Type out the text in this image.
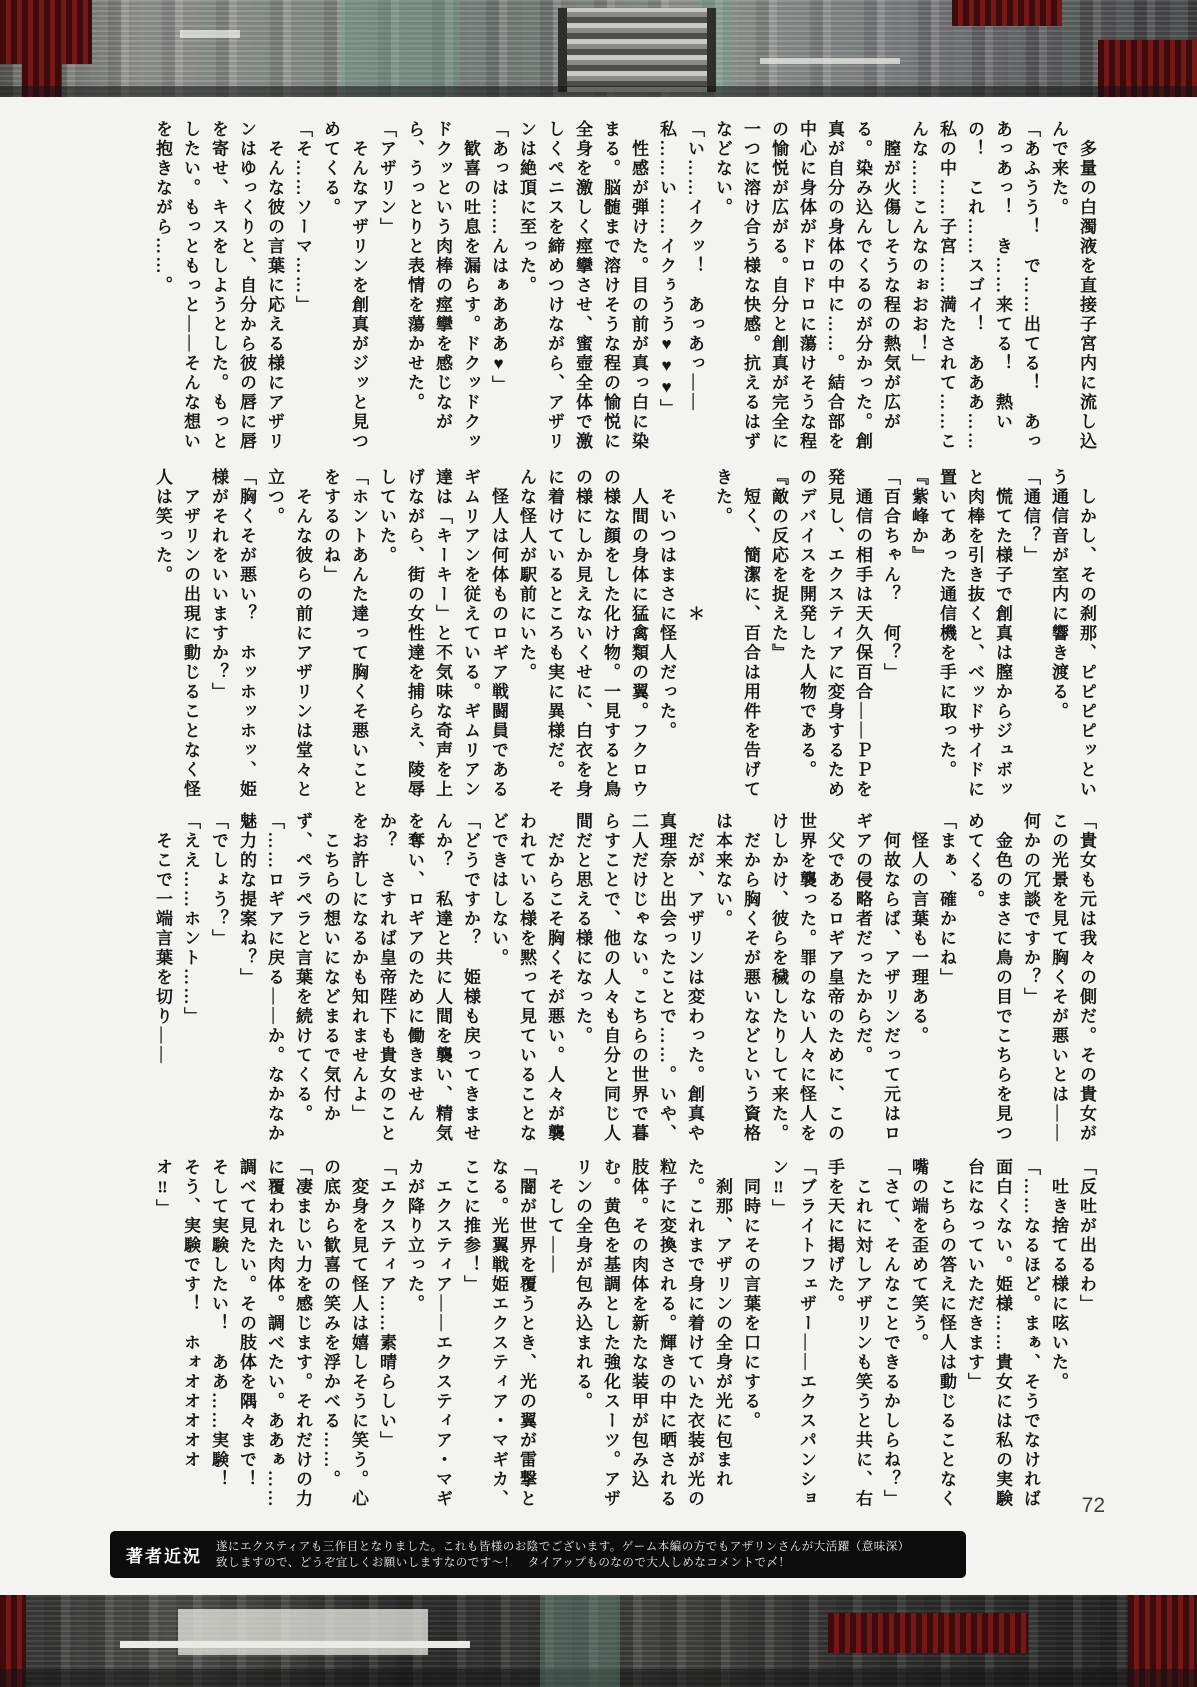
　多量の白濁液を直接子宮内に流し込んで来た。

「あふうう！　で……出てる！　あっあっあっ！　き……来てる！　熱いの！　これ……スゴイ！　あああ……私の中……子宮……満たされて……こんな……こんなのぉおお！」

　膣が火傷しそうな程の熱気が広がる。染み込んでくるのが分かった。創真が自分の身体の中に……。結合部を中心に身体がドロドロに蕩けそうな程の愉悦が広がる。自分と創真が完全に一つに溶け合う様な快感。抗えるはずなどない。

「い……イクッ！　あっあっ――私……い……イクぅうう♥♥♥」

　性感が弾けた。目の前が真っ白に染まる。脳髄まで溶けそうな程の愉悦に全身を激しく痙攣させ、蜜壺全体で激しくペニスを締めつけながら、アザリンは絶頂に至った。

「あっは……んはぁあああ♥」

　歓喜の吐息を漏らす。ドクッドクッドクッという肉棒の痙攣を感じながら、うっとりと表情を蕩かせた。

「アザリン」

　そんなアザリンを創真がジッと見つめてくる。

「そ……ソーマ……」

　そんな彼の言葉に応える様にアザリンはゆっくりと、自分から彼の唇に唇を寄せ、キスをしようとした。もっとしたい。もっともっと――そんな想いを抱きながら……。

　しかし、その刹那、ピピピピッという通信音が室内に響き渡る。

「通信？」

　慌てた様子で創真は膣からジュボッと肉棒を引き抜くと、ベッドサイドに置いてあった通信機を手に取った。

『紫峰か』

「百合ちゃん？　何？」

　通信の相手は天久保百合――ＰＰを発見し、エクスティアに変身するためのデバイスを開発した人物である。

『敵の反応を捉えた』

　短く、簡潔に、百合は用件を告げてきた。

　　　　　　　＊

　そいつはまさに怪人だった。

　人間の身体に猛禽類の翼。フクロウの様な顔をした化け物。一見すると鳥の様にしか見えないくせに、白衣を身に着けているところも実に異様だ。そんな怪人が駅前にいた。

　怪人は何体ものロギア戦闘員であるギムリアンを従えている。ギムリアン達は「キーキー」と不気味な奇声を上げながら、街の女性達を捕らえ、陵辱していた。

「ホントあんた達って胸くそ悪いことをするのね」

　そんな彼らの前にアザリンは堂々と立つ。

「胸くそが悪い？　ホッホッホッ、姫様がそれをいいますか？」

　アザリンの出現に動じることなく怪人は笑った。

「貴女も元は我々の側だ。その貴女がこの光景を見て胸くそが悪いとは――何かの冗談ですか？」

　金色のまさに鳥の目でこちらを見つめてくる。

「まぁ、確かにね」

　怪人の言葉も一理ある。

　何故ならば、アザリンだって元はロギアの侵略者だったからだ。

　父であるロギア皇帝のために、この世界を襲った。罪のない人々に怪人をけしかけ、彼らを穢したりして来た。

　だから胸くそが悪いなどという資格は本来ない。

　だが、アザリンは変わった。創真や真理奈と出会ったことで……。いや、二人だけじゃない。こちらの世界で暮らすことで、他の人々も自分と同じ人間だと思える様になった。

　だからこそ胸くそが悪い。人々が襲われている様を黙って見ていることなどできはしない。

「どうですか？　姫様も戻ってきませんか？　私達と共に人間を襲い、精気を奪い、ロギアのために働きませんか？　さすれば皇帝陛下も貴女のことをお許しになるかも知れませんよ」

　こちらの想いになどまるで気付かず、ペラペラと言葉を続けてくる。

「……ロギアに戻る――か。なかなか魅力的な提案ね？」

「でしょう？」

「ええ……ホント……」

　そこで一端言葉を切り――

「反吐が出るわ」

　吐き捨てる様に呟いた。

「……なるほど。まぁ、そうでなければ面白くない。姫様……貴女には私の実験台になっていただきます」

　こちらの答えに怪人は動じることなく嘴の端を歪めて笑う。

「さて、そんなことできるかしらね？」

　これに対しアザリンも笑うと共に、右手を天に掲げた。

「ブライトフェザー――エクスパンション‼」

　同時にその言葉を口にする。

　刹那、アザリンの全身が光に包まれた。これまで身に着けていた衣装が光の粒子に変換される。輝きの中に晒される肢体。その肉体を新たな装甲が包み込む。黄色を基調とした強化スーツ。アザリンの全身が包み込まれる。

　そして――

「闇が世界を覆うとき、光の翼が雷撃となる。光翼戦姫エクスティア・マギカ、ここに推参！」

　エクスティア――エクスティア・マギカが降り立った。

「エクスティア……素晴らしい」

　変身を見て怪人は嬉しそうに笑う。心の底から歓喜の笑みを浮かべる……。

「凄まじい力を感じます。それだけの力に覆われた肉体。調べたい。ああぁ……調べて見たい。その肢体を隅々まで！　そして実験したい！　ああ……実験！　そう、実験です！　ホォオオオオオオ‼」

72
著者近況
遂にエクスティアも三作目となりました。これも皆様のお陰でございます。ゲーム本編の方でもアザリンさんが大活躍（意味深）
致しますので、どうぞ宜しくお願いしますなのです〜！　タイアップものなので大人しめなコメントで〆！
